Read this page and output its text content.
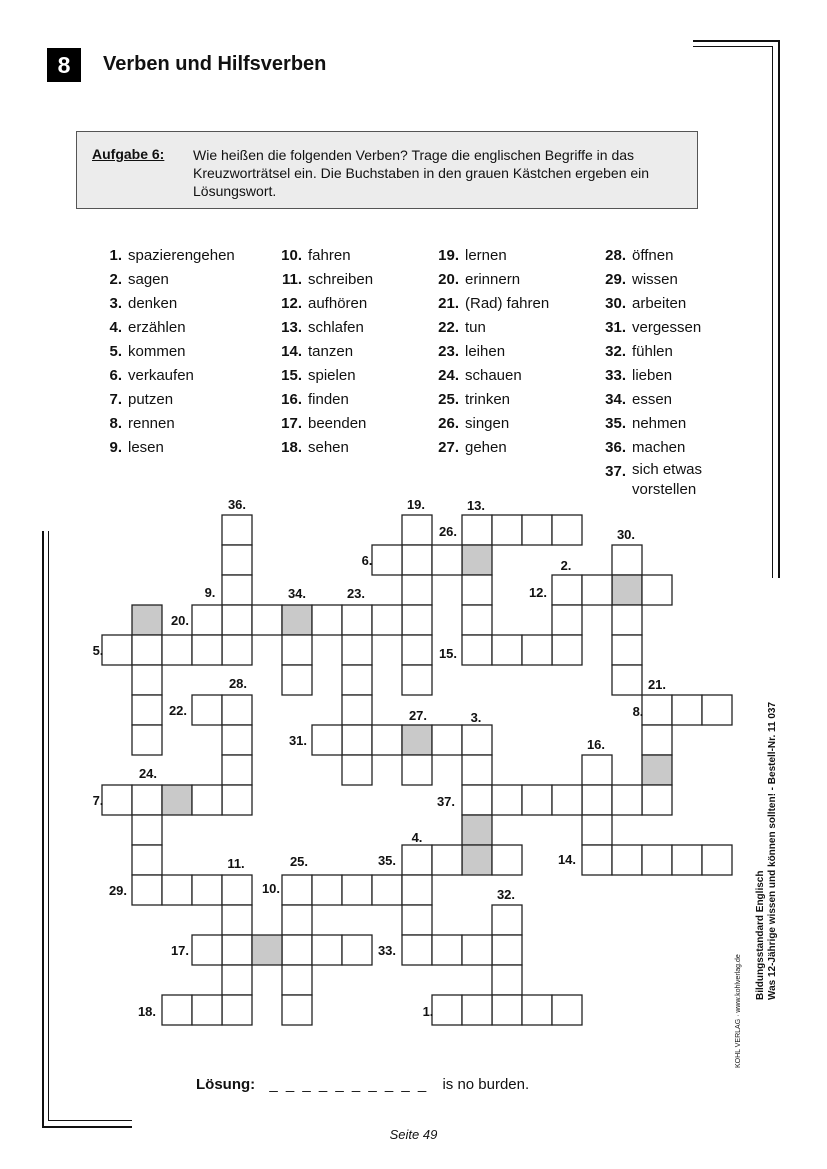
8	Verben und Hilfsverben
Aufgabe 6: Wie heißen die folgenden Verben? Trage die englischen Begriffe in das Kreuzworträtsel ein. Die Buchstaben in den grauen Kästchen ergeben ein Lösungswort.
1. spazierengehen
2. sagen
3. denken
4. erzählen
5. kommen
6. verkaufen
7. putzen
8. rennen
9. lesen
10. fahren
11. schreiben
12. aufhören
13. schlafen
14. tanzen
15. spielen
16. finden
17. beenden
18. sehen
19. lernen
20. erinnern
21. (Rad) fahren
22. tun
23. leihen
24. schauen
25. trinken
26. singen
27. gehen
28. öffnen
29. wissen
30. arbeiten
31. vergessen
32. fühlen
33. lieben
34. essen
35. nehmen
36. machen
37. sich etwas vorstellen
1.
2.
3.
4.
5.
6.
7.
8.
9.
10.
11.
12.
13.
14.
15.
16.
17.
18.
19.
20.
21.
22.
23.
24.
25.
26.
27.
28.
29.
30.
31.
32.
33.
34.
35.
36.
37.
Lösung: _ _ _ _ _ _ _ _ _ _ is no burden.
Bildungsstandard Englisch Was 12-Jährige wissen und können sollten! - Bestell-Nr. 11 037
KOHL VERLAG · www.kohlverlag.de
Seite 49
